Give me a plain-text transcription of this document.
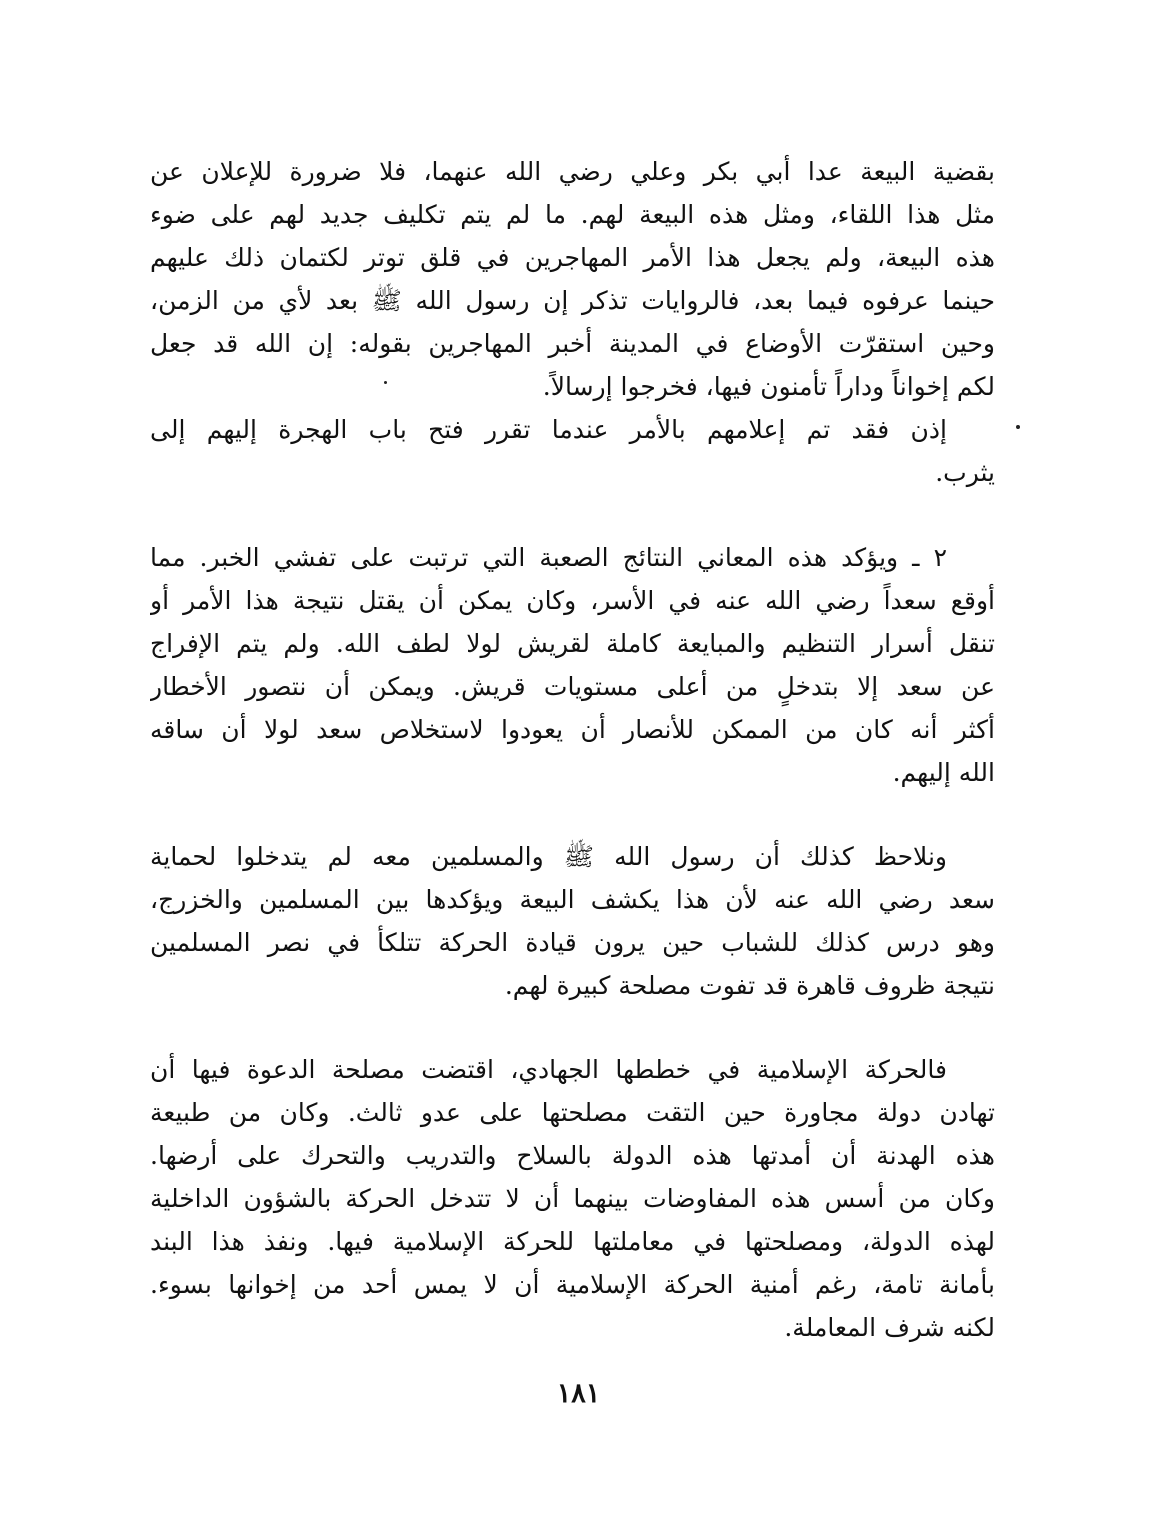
بقضية البيعة عدا أبي بكر وعلي رضي الله عنهما، فلا ضرورة للإعلان عن
مثل هذا اللقاء، ومثل هذه البيعة لهم. ما لم يتم تكليف جديد لهم على ضوء
هذه البيعة، ولم يجعل هذا الأمر المهاجرين في قلق توتر لكتمان ذلك عليهم
حينما عرفوه فيما بعد، فالروايات تذكر إن رسول الله ﷺ بعد لأي من الزمن،
وحين استقرّت الأوضاع في المدينة أخبر المهاجرين بقوله: إن الله قد جعل
لكم إخواناً وداراً تأمنون فيها، فخرجوا إرسالاً.
إذن فقد تم إعلامهم بالأمر عندما تقرر فتح باب الهجرة إليهم إلى
يثرب.
٢ ـ ويؤكد هذه المعاني النتائج الصعبة التي ترتبت على تفشي الخبر. مما
أوقع سعداً رضي الله عنه في الأسر، وكان يمكن أن يقتل نتيجة هذا الأمر أو
تنقل أسرار التنظيم والمبايعة كاملة لقريش لولا لطف الله. ولم يتم الإفراج
عن سعد إلا بتدخلٍ من أعلى مستويات قريش. ويمكن أن نتصور الأخطار
أكثر أنه كان من الممكن للأنصار أن يعودوا لاستخلاص سعد لولا أن ساقه
الله إليهم.
ونلاحظ كذلك أن رسول الله ﷺ والمسلمين معه لم يتدخلوا لحماية
سعد رضي الله عنه لأن هذا يكشف البيعة ويؤكدها بين المسلمين والخزرج،
وهو درس كذلك للشباب حين يرون قيادة الحركة تتلكأ في نصر المسلمين
نتيجة ظروف قاهرة قد تفوت مصلحة كبيرة لهم.
فالحركة الإسلامية في خططها الجهادي، اقتضت مصلحة الدعوة فيها أن
تهادن دولة مجاورة حين التقت مصلحتها على عدو ثالث. وكان من طبيعة
هذه الهدنة أن أمدتها هذه الدولة بالسلاح والتدريب والتحرك على أرضها.
وكان من أسس هذه المفاوضات بينهما أن لا تتدخل الحركة بالشؤون الداخلية
لهذه الدولة، ومصلحتها في معاملتها للحركة الإسلامية فيها. ونفذ هذا البند
بأمانة تامة، رغم أمنية الحركة الإسلامية أن لا يمس أحد من إخوانها بسوء.
لكنه شرف المعاملة.
١٨١
